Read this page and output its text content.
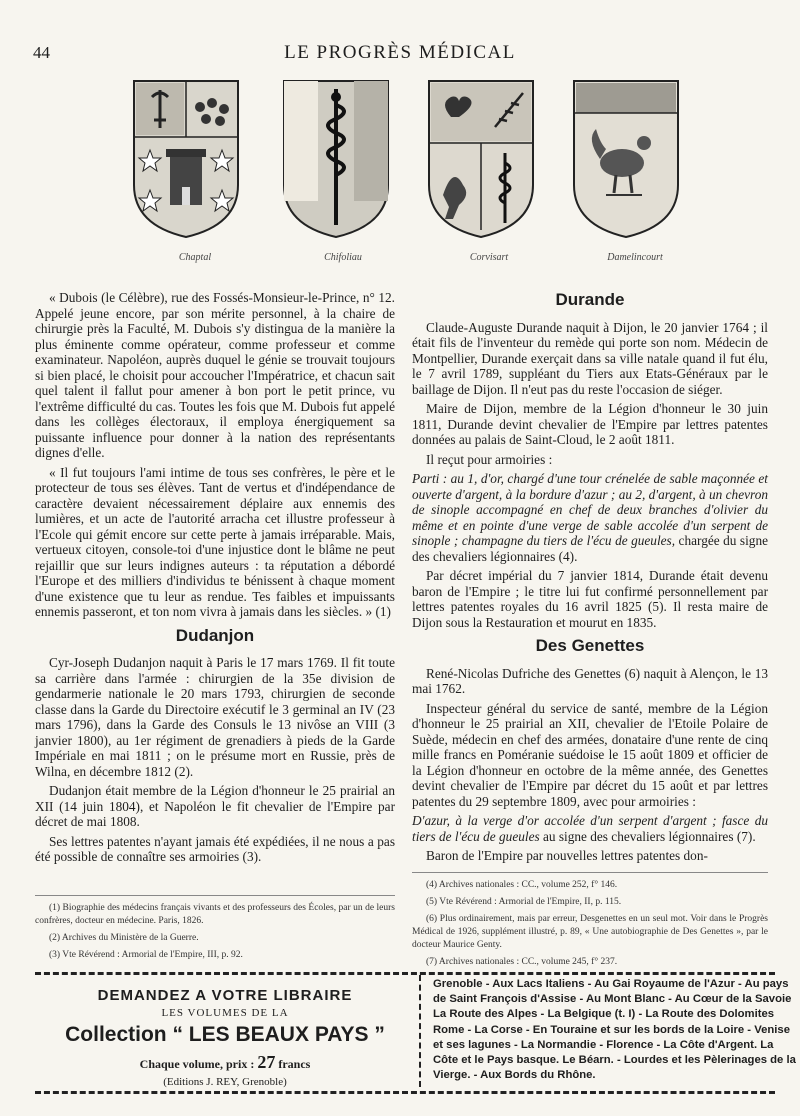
44	LE PROGRÈS MÉDICAL
Chaptal	Chifoliau	Corvisart	Damelincourt

« Dubois (le Célèbre), rue des Fossés-Monsieur-le-Prince, n° 12. Appelé jeune encore, par son mérite personnel, à la chaire de chirurgie près la Faculté, M. Dubois s'y distingua de la manière la plus éminente comme opérateur, comme professeur et comme examinateur. Napoléon, auprès duquel le génie se trouvait toujours si bien placé, le choisit pour accoucher l'Impératrice, et chacun sait quel talent il fallut pour amener à bon port le petit prince, vu l'extrême difficulté du cas. Toutes les fois que M. Dubois fut appelé dans les collèges électoraux, il employa énergiquement sa puissante influence pour donner à la nation des représentants dignes d'elle.

« Il fut toujours l'ami intime de tous ses confrères, le père et le protecteur de tous ses élèves. Tant de vertus et d'indépendance de caractère devaient nécessairement déplaire aux ennemis des lumières, et un acte de l'autorité arracha cet illustre professeur à l'Ecole qui gémit encore sur cette perte à jamais irréparable. Mais, vertueux citoyen, console-toi d'une injustice dont le blâme ne peut rejaillir que sur leurs indignes auteurs : ta réputation a débordé l'Europe et des milliers d'individus te bénissent à chaque moment d'une existence que tu leur as rendue. Tes faibles et impuissants ennemis passeront, et ton nom vivra à jamais dans les siècles. » (1)

Dudanjon

Cyr-Joseph Dudanjon naquit à Paris le 17 mars 1769. Il fit toute sa carrière dans l'armée : chirurgien de la 35e division de gendarmerie nationale le 20 mars 1793, chirurgien de seconde classe dans la Garde du Directoire exécutif le 3 germinal an IV (23 mars 1796), dans la Garde des Consuls le 13 nivôse an VIII (3 janvier 1800), au 1er régiment de grenadiers à pieds de la Garde Impériale en mai 1811 ; on le présume mort en Russie, près de Wilna, en décembre 1812 (2).

Dudanjon était membre de la Légion d'honneur le 25 prairial an XII (14 juin 1804), et Napoléon le fit chevalier de l'Empire par décret de mai 1808.

Ses lettres patentes n'ayant jamais été expédiées, il ne nous a pas été possible de connaître ses armoiries (3).

(1) Biographie des médecins français vivants et des professeurs des Écoles, par un de leurs confrères, docteur en médecine. Paris, 1826.

(2) Archives du Ministère de la Guerre.

(3) Vte Révérend : Armorial de l'Empire, III, p. 92.

Durande

Claude-Auguste Durande naquit à Dijon, le 20 janvier 1764 ; il était fils de l'inventeur du remède qui porte son nom. Médecin de Montpellier, Durande exerçait dans sa ville natale quand il fut élu, le 7 avril 1789, suppléant du Tiers aux Etats-Généraux par le baillage de Dijon. Il n'eut pas du reste l'occasion de siéger.

Maire de Dijon, membre de la Légion d'honneur le 30 juin 1811, Durande devint chevalier de l'Empire par lettres patentes données au palais de Saint-Cloud, le 2 août 1811.

Il reçut pour armoiries :

Parti : au 1, d'or, chargé d'une tour crénelée de sable maçonnée et ouverte d'argent, à la bordure d'azur ; au 2, d'argent, à un chevron de sinople accompagné en chef de deux branches d'olivier du même et en pointe d'une verge de sable accolée d'un serpent de sinople ; champagne du tiers de l'écu de gueules, chargée du signe des chevaliers légionnaires (4).

Par décret impérial du 7 janvier 1814, Durande était devenu baron de l'Empire ; le titre lui fut confirmé personnellement par lettres patentes royales du 16 avril 1825 (5). Il resta maire de Dijon sous la Restauration et mourut en 1835.

Des Genettes

René-Nicolas Dufriche des Genettes (6) naquit à Alençon, le 13 mai 1762.

Inspecteur général du service de santé, membre de la Légion d'honneur le 25 prairial an XII, chevalier de l'Etoile Polaire de Suède, médecin en chef des armées, donataire d'une rente de cinq mille francs en Poméranie suédoise le 15 août 1809 et officier de la Légion d'honneur en octobre de la même année, des Genettes devint chevalier de l'Empire par décret du 15 août et par lettres patentes du 29 septembre 1809, avec pour armoiries :

D'azur, à la verge d'or accolée d'un serpent d'argent ; fasce du tiers de l'écu de gueules au signe des chevaliers légionnaires (7).

Baron de l'Empire par nouvelles lettres patentes don-

(4) Archives nationales : CC., volume 252, f° 146.

(5) Vte Révérend : Armorial de l'Empire, II, p. 115.

(6) Plus ordinairement, mais par erreur, Desgenettes en un seul mot. Voir dans le Progrès Médical de 1926, supplément illustré, p. 89, « Une autobiographie de Des Genettes », par le docteur Maurice Genty.

(7) Archives nationales : CC., volume 245, f° 237.

DEMANDEZ A VOTRE LIBRAIRE
LES VOLUMES DE LA
Collection “ LES BEAUX PAYS ”
Chaque volume, prix : 27 francs
(Editions J. REY, Grenoble)
Grenoble - Aux Lacs Italiens - Au Gai Royaume de l'Azur - Au pays
de Saint François d'Assise - Au Mont Blanc - Au Cœur de la Savoie
La Route des Alpes - La Belgique (t. I) - La Route des Dolomites
Rome - La Corse - En Touraine et sur les bords de la Loire - Venise
et ses lagunes - La Normandie - Florence - La Côte d'Argent. La
Côte et le Pays basque. Le Béarn. - Lourdes et les Pèlerinages de la
Vierge. - Aux Bords du Rhône.
